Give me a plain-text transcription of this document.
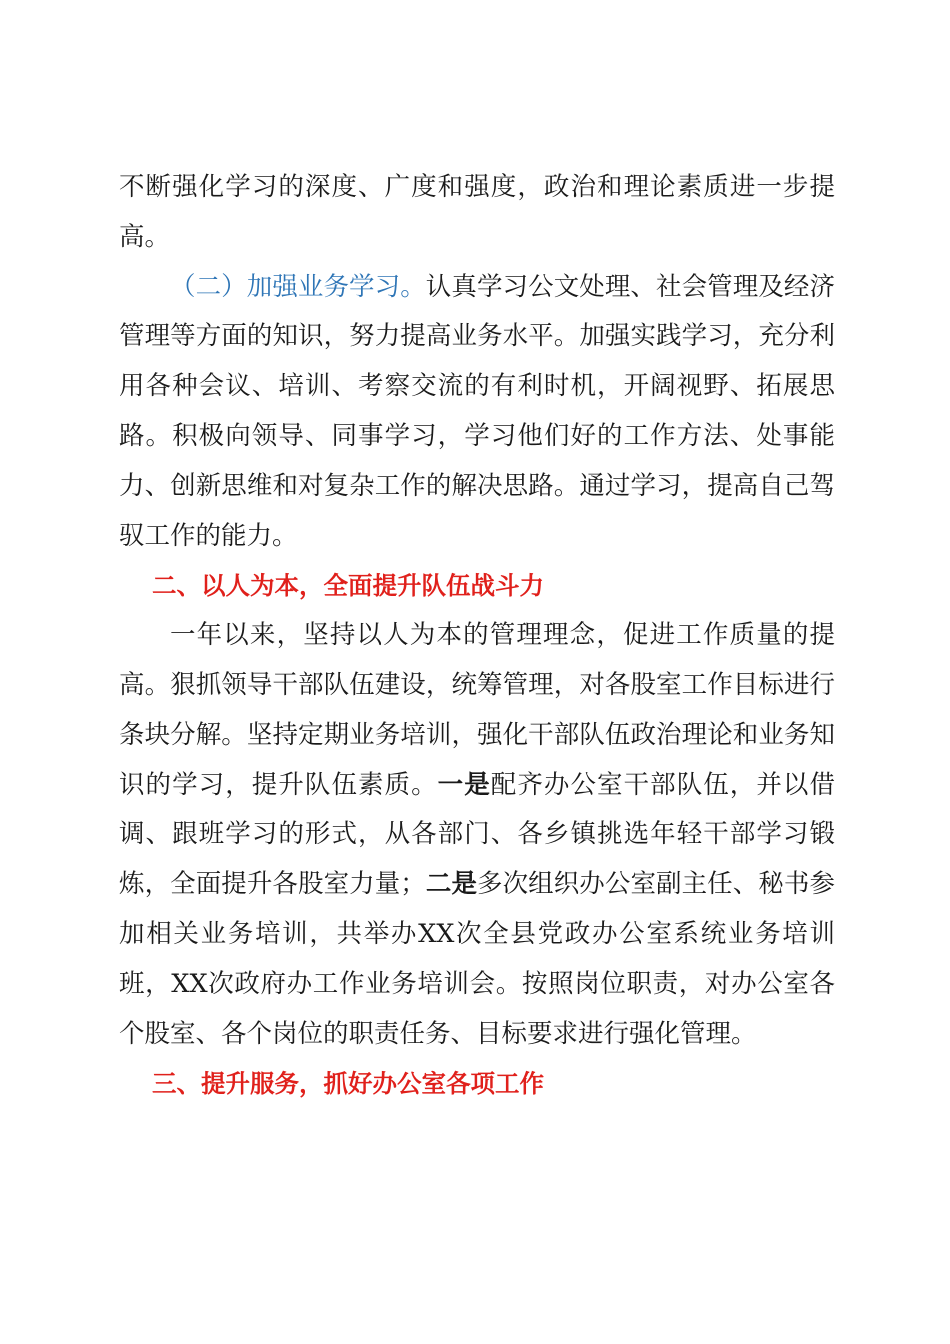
不断强化学习的深度、广度和强度，政治和理论素质进一步提高。

（二）加强业务学习。认真学习公文处理、社会管理及经济管理等方面的知识，努力提高业务水平。加强实践学习，充分利用各种会议、培训、考察交流的有利时机，开阔视野、拓展思路。积极向领导、同事学习，学习他们好的工作方法、处事能力、创新思维和对复杂工作的解决思路。通过学习，提高自己驾驭工作的能力。

二、以人为本，全面提升队伍战斗力

一年以来，坚持以人为本的管理理念，促进工作质量的提高。狠抓领导干部队伍建设，统筹管理，对各股室工作目标进行条块分解。坚持定期业务培训，强化干部队伍政治理论和业务知识的学习，提升队伍素质。一是配齐办公室干部队伍，并以借调、跟班学习的形式，从各部门、各乡镇挑选年轻干部学习锻炼，全面提升各股室力量；二是多次组织办公室副主任、秘书参加相关业务培训，共举办XX次全县党政办公室系统业务培训班，XX次政府办工作业务培训会。按照岗位职责，对办公室各个股室、各个岗位的职责任务、目标要求进行强化管理。

三、提升服务，抓好办公室各项工作
